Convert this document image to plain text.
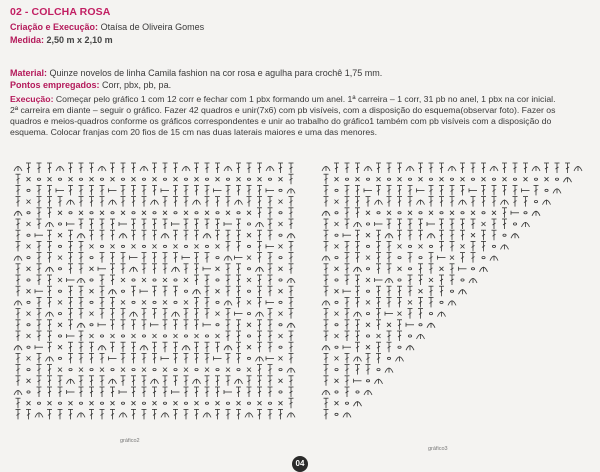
02 - COLCHA ROSA
Criação e Execução: Otaísa de Oliveira Gomes
Medida: 2,50 m x 2,10 m
Material: Quinze novelos de linha Camila fashion na cor rosa e agulha para crochê 1,75 mm.
Pontos empregados: Corr, pbx, pb, pa.
Execução: Começar pelo gráfico 1 com 12 corr e fechar com 1 pbx formando um anel. 1ª carreira – 1 corr, 31 pb no anel, 1 pbx na cor inicial.
2ª carreira em diante – seguir o gráfico. Fazer 42 quadros e unir(7x6) com pb visíveis, com a disposição do esquema(observar foto). Fazer os
quadros e meios-quadros conforme os gráficos correspondentes e unir ao trabalho do gráfico1 também com pb visíveis com a disposição do
esquema. Colocar franjas com 20 fios de 15 cm nas duas laterais maiores e uma das menores.
gráfico2
gráfico3
04
